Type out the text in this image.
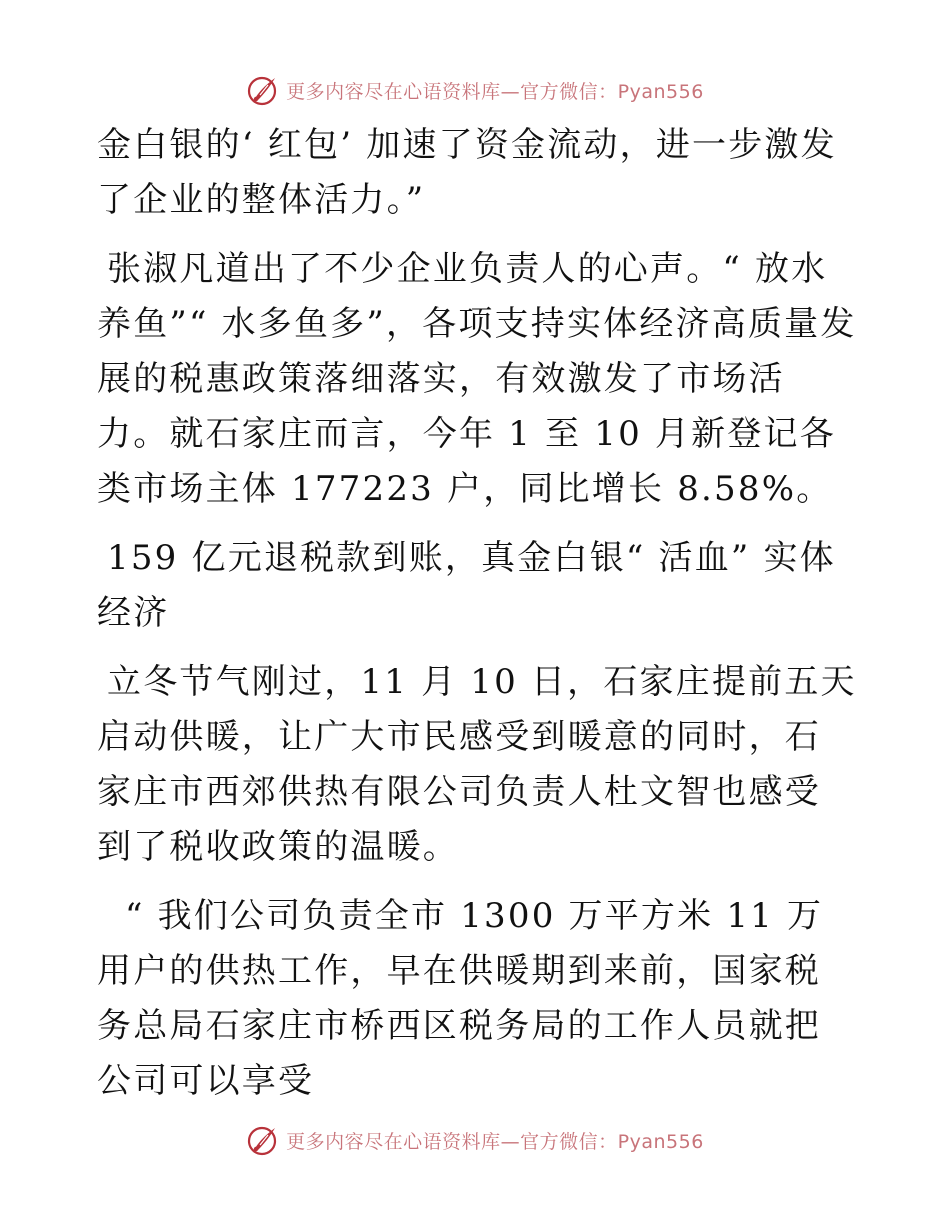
更多内容尽在心语资料库—官方微信：Pyan556

金白银的‘ 红包’ 加速了资金流动，进一步激发了企业的整体活力。”

张淑凡道出了不少企业负责人的心声。“ 放水养鱼”“ 水多鱼多”，各项支持实体经济高质量发展的税惠政策落细落实，有效激发了市场活力。就石家庄而言，今年 1 至 10 月新登记各类市场主体 177223 户，同比增长 8.58%。

159 亿元退税款到账，真金白银“ 活血” 实体经济

立冬节气刚过，11 月 10 日，石家庄提前五天启动供暖，让广大市民感受到暖意的同时，石家庄市西郊供热有限公司负责人杜文智也感受到了税收政策的温暖。

“ 我们公司负责全市 1300 万平方米 11 万用户的供热工作，早在供暖期到来前，国家税务总局石家庄市桥西区税务局的工作人员就把公司可以享受

更多内容尽在心语资料库—官方微信：Pyan556
